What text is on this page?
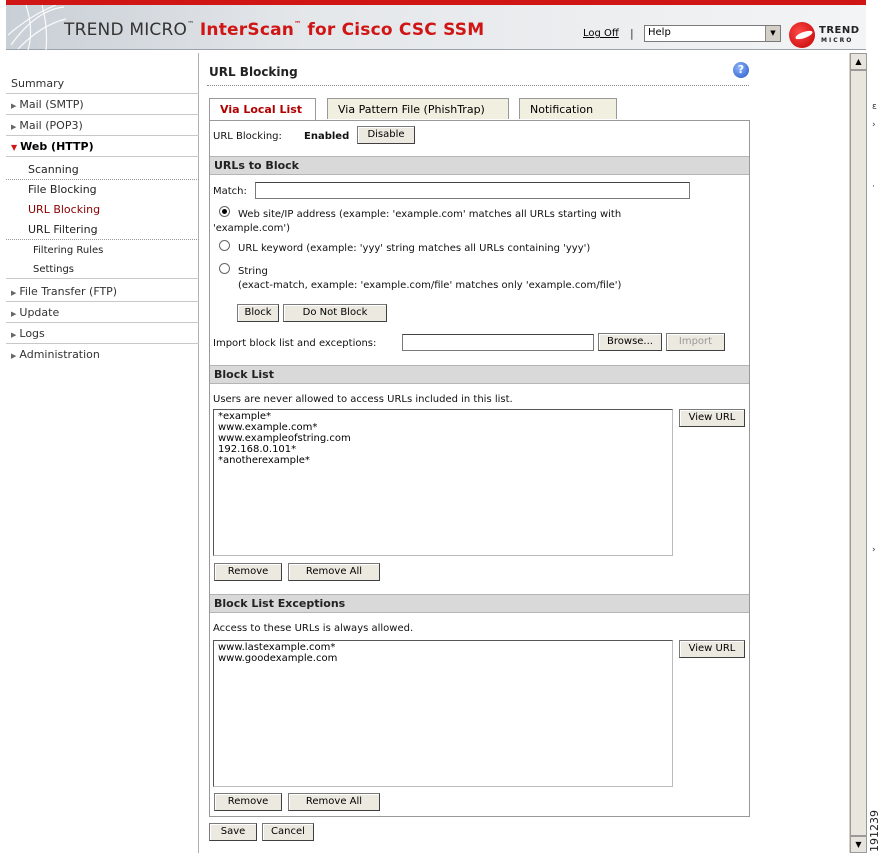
TREND MICRO™ InterScan™ for Cisco CSC SSM	Log Off |	Help	▼	TREND
MICRO
Summary
▶ Mail (SMTP)
▶ Mail (POP3)
▼ Web (HTTP)
Scanning
File Blocking
URL Blocking
URL Filtering
Filtering Rules
Settings
▶ File Transfer (FTP)
▶ Update
▶ Logs
▶ Administration
URL Blocking	?
Via Local List	Via Pattern File (PhishTrap)	Notification
URL Blocking: Enabled	Disable
URLs to Block
Match:
Web site/IP address (example: 'example.com' matches all URLs starting with
'example.com')
URL keyword (example: 'yyy' string matches all URLs containing 'yyy')
String
(exact-match, example: 'example.com/file' matches only 'example.com/file')
Block	Do Not Block
Import block list and exceptions:	Browse...	Import
Block List
Users are never allowed to access URLs included in this list.
*example*
www.example.com*
www.exampleofstring.com
192.168.0.101*
*anotherexample*
View URL
Remove	Remove All
Block List Exceptions
Access to these URLs is always allowed.
www.lastexample.com*
www.goodexample.com
View URL
Remove	Remove All
Save	Cancel
▲
▼
ε
›
·
›
191239
